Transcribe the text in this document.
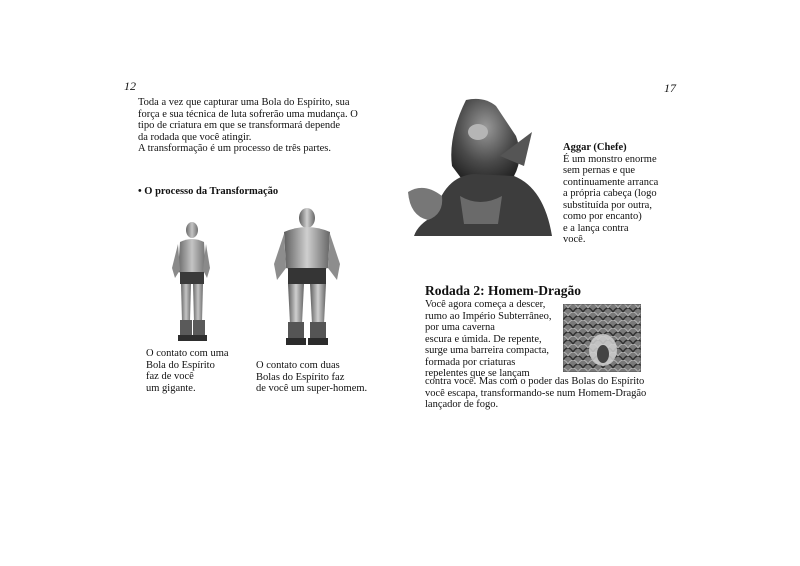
12
Toda a vez que capturar uma Bola do Espírito, sua
força e sua técnica de luta sofrerão uma mudança. O
tipo de criatura em que se transformará depende
da rodada que você atingir.
A transformação é um processo de três partes.
• O processo da Transformação
O contato com uma
Bola do Espírito
faz de você
um gigante.
O contato com duas
Bolas do Espírito faz
de você um super-homem.
17
Aggar (Chefe)
É um monstro enorme
sem pernas e que
continuamente arranca
a própria cabeça (logo
substituída por outra,
como por encanto)
e a lança contra
você.
Rodada 2: Homem-Dragão
Você agora começa a descer,
rumo ao Império Subterrâneo,
por uma caverna
escura e úmida. De repente,
surge uma barreira compacta,
formada por criaturas
repelentes que se lançam
contra você. Mas com o poder das Bolas do Espírito
você escapa, transformando-se num Homem-Dragão
lançador de fogo.
